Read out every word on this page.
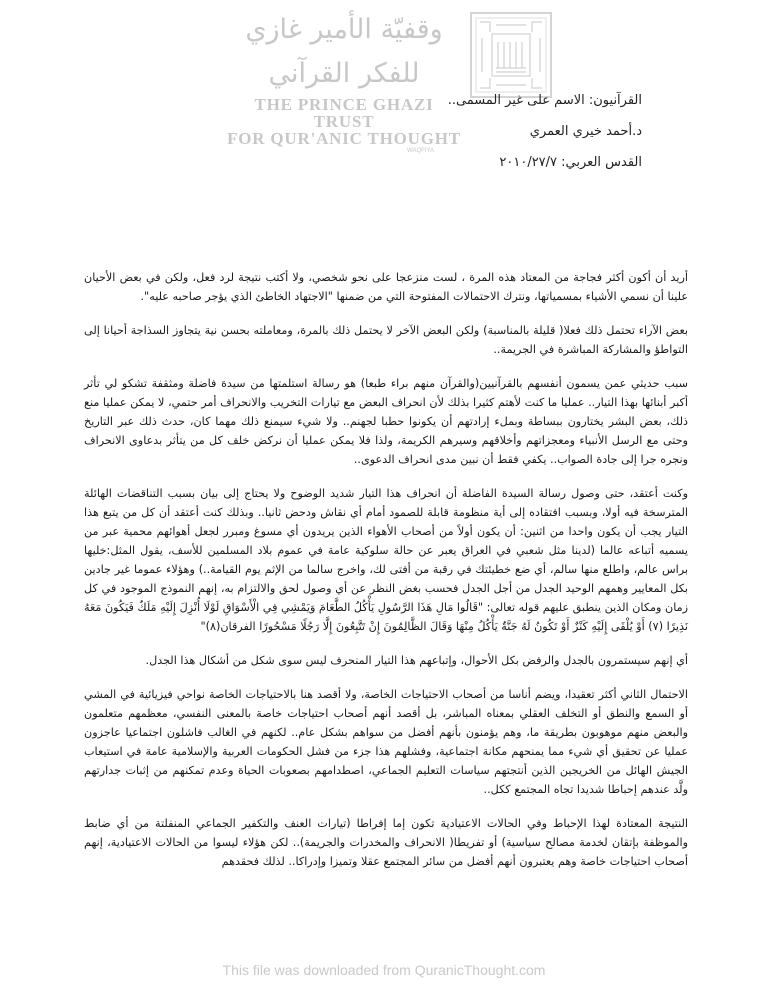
وقفيّة الأمير غازي للفكر القرآني
THE PRINCE GHAZI TRUST
FOR QUR'ANIC THOUGHT
WAQFIYA
القرآنيون: الاسم على غير المسمى..
د.أحمد خيري العمري
القدس العربي: ٢٠١٠/٢٧/٧

أريد أن أكون أكثر فجاجة من المعتاد هذه المرة ، لست منزعجا على نحو شخصي، ولا أكتب نتيجة لرد فعل، ولكن في بعض الأحيان علينا أن نسمي الأشياء بمسمياتها، ونترك الاحتمالات المفتوحة التي من ضمنها "الاجتهاد الخاطئ الذي يؤجر صاحبه عليه".

بعض الآراء تحتمل ذلك فعلا( قليلة بالمناسبة) ولكن البعض الآخر لا يحتمل ذلك بالمرة، ومعاملته بحسن نية يتجاوز السذاجة أحيانا إلى التواطؤ والمشاركة المباشرة في الجريمة..

سبب حديثي عمن يسمون أنفسهم بالقرآنيين(والقرآن منهم براء طبعا) هو رسالة استلمتها من سيدة فاضلة ومثقفة تشكو لي تأثر أكبر أبنائها بهذا التيار.. عمليا ما كنت لأهتم كثيرا بذلك لأن انحراف البعض مع تيارات التخريب والانحراف أمر حتمي، لا يمكن عمليا منع ذلك، بعض البشر يختارون ببساطة وبملء إرادتهم أن يكونوا حطبا لجهنم.. ولا شيء سيمنع ذلك مهما كان، حدث ذلك عبر التاريخ وحتى مع الرسل الأنبياء ومعجزاتهم وأخلاقهم وسيرهم الكريمة، ولذا فلا يمكن عمليا أن نركض خلف كل من يتأثر بدعاوى الانحراف ونجره جرا إلى جادة الصواب.. يكفي فقط أن نبين مدى انحراف الدعوى..

وكنت أعتقد، حتى وصول رسالة السيدة الفاضلة أن انحراف هذا التيار شديد الوضوح ولا يحتاج إلى بيان بسبب التناقضات الهائلة المترسخة فيه أولا، وبسبب افتقاده إلى أية منظومة قابلة للصمود أمام أي نقاش ودحض ثانيا.. وبذلك كنت أعتقد أن كل من يتبع هذا التيار يجب أن يكون واحدا من اثنين: أن يكون أولاً من أصحاب الأهواء الذين يريدون أي مسوغ ومبرر لجعل أهوائهم محمية عبر من يسميه أتباعه عالما (لدينا مثل شعبي في العراق يعبر عن حالة سلوكية عامة في عموم بلاد المسلمين للأسف، يقول المثل:خليها براس عالم، واطلع منها سالم، أي ضع خطيئتك في رقبة من أفتى لك، واخرج سالما من الإثم يوم القيامة..) وهؤلاء عموما غير جادين بكل المعايير وهمهم الوحيد الجدل من أجل الجدل فحسب بغض النظر عن أي وصول لحق والالتزام به، إنهم النموذج الموجود في كل زمان ومكان الذين ينطبق عليهم قوله تعالى: "قَالُوا مَالِ هَذَا الرَّسُولِ يَأْكُلُ الطَّعَامَ وَيَمْشِي فِي الْأَسْوَاقِ لَوْلَا أُنْزِلَ إِلَيْهِ مَلَكٌ فَيَكُونَ مَعَهُ نَذِيرًا (٧) أَوْ يُلْقَى إِلَيْهِ كَنْزٌ أَوْ تَكُونُ لَهُ جَنَّةٌ يَأْكُلُ مِنْهَا وَقَالَ الظَّالِمُونَ إِنْ تَتَّبِعُونَ إِلَّا رَجُلًا مَسْحُورًا الفرقان(٨)"

أي إنهم سيستمرون بالجدل والرفض بكل الأحوال، وإتباعهم هذا التيار المنحرف ليس سوى شكل من أشكال هذا الجدل.

الاحتمال الثاني أكثر تعقيدا، ويضم أناسا من أصحاب الاحتياجات الخاصة، ولا أقصد هنا بالاحتياجات الخاصة نواحي فيزيائية في المشي أو السمع والنطق أو التخلف العقلي بمعناه المباشر، بل أقصد أنهم أصحاب احتياجات خاصة بالمعنى النفسي، معظمهم متعلمون والبعض منهم موهوبون بطريقة ما، وهم يؤمنون بأنهم أفضل من سواهم بشكل عام.. لكنهم في الغالب فاشلون اجتماعيا عاجزون عمليا عن تحقيق أي شيء مما يمنحهم مكانة اجتماعية، وفشلهم هذا جزء من فشل الحكومات العربية والإسلامية عامة في استيعاب الجيش الهائل من الخريجين الذين أنتجتهم سياسات التعليم الجماعي، اصطدامهم بصعوبات الحياة وعدم تمكنهم من إثبات جدارتهم ولَّد عندهم إحباطا شديدا تجاه المجتمع ككل..

النتيجة المعتادة لهذا الإحباط وفي الحالات الاعتيادية تكون إما إفراطا (تيارات العنف والتكفير الجماعي المنفلتة من أي ضابط والموظفة بإتقان لخدمة مصالح سياسية) أو تفريطا( الانحراف والمخدرات والجريمة).. لكن هؤلاء ليسوا من الحالات الاعتيادية، إنهم أصحاب احتياجات خاصة وهم يعتبرون أنهم أفضل من سائر المجتمع عقلا وتميزا وإدراكا.. لذلك فحقدهم

This file was downloaded from QuranicThought.com
